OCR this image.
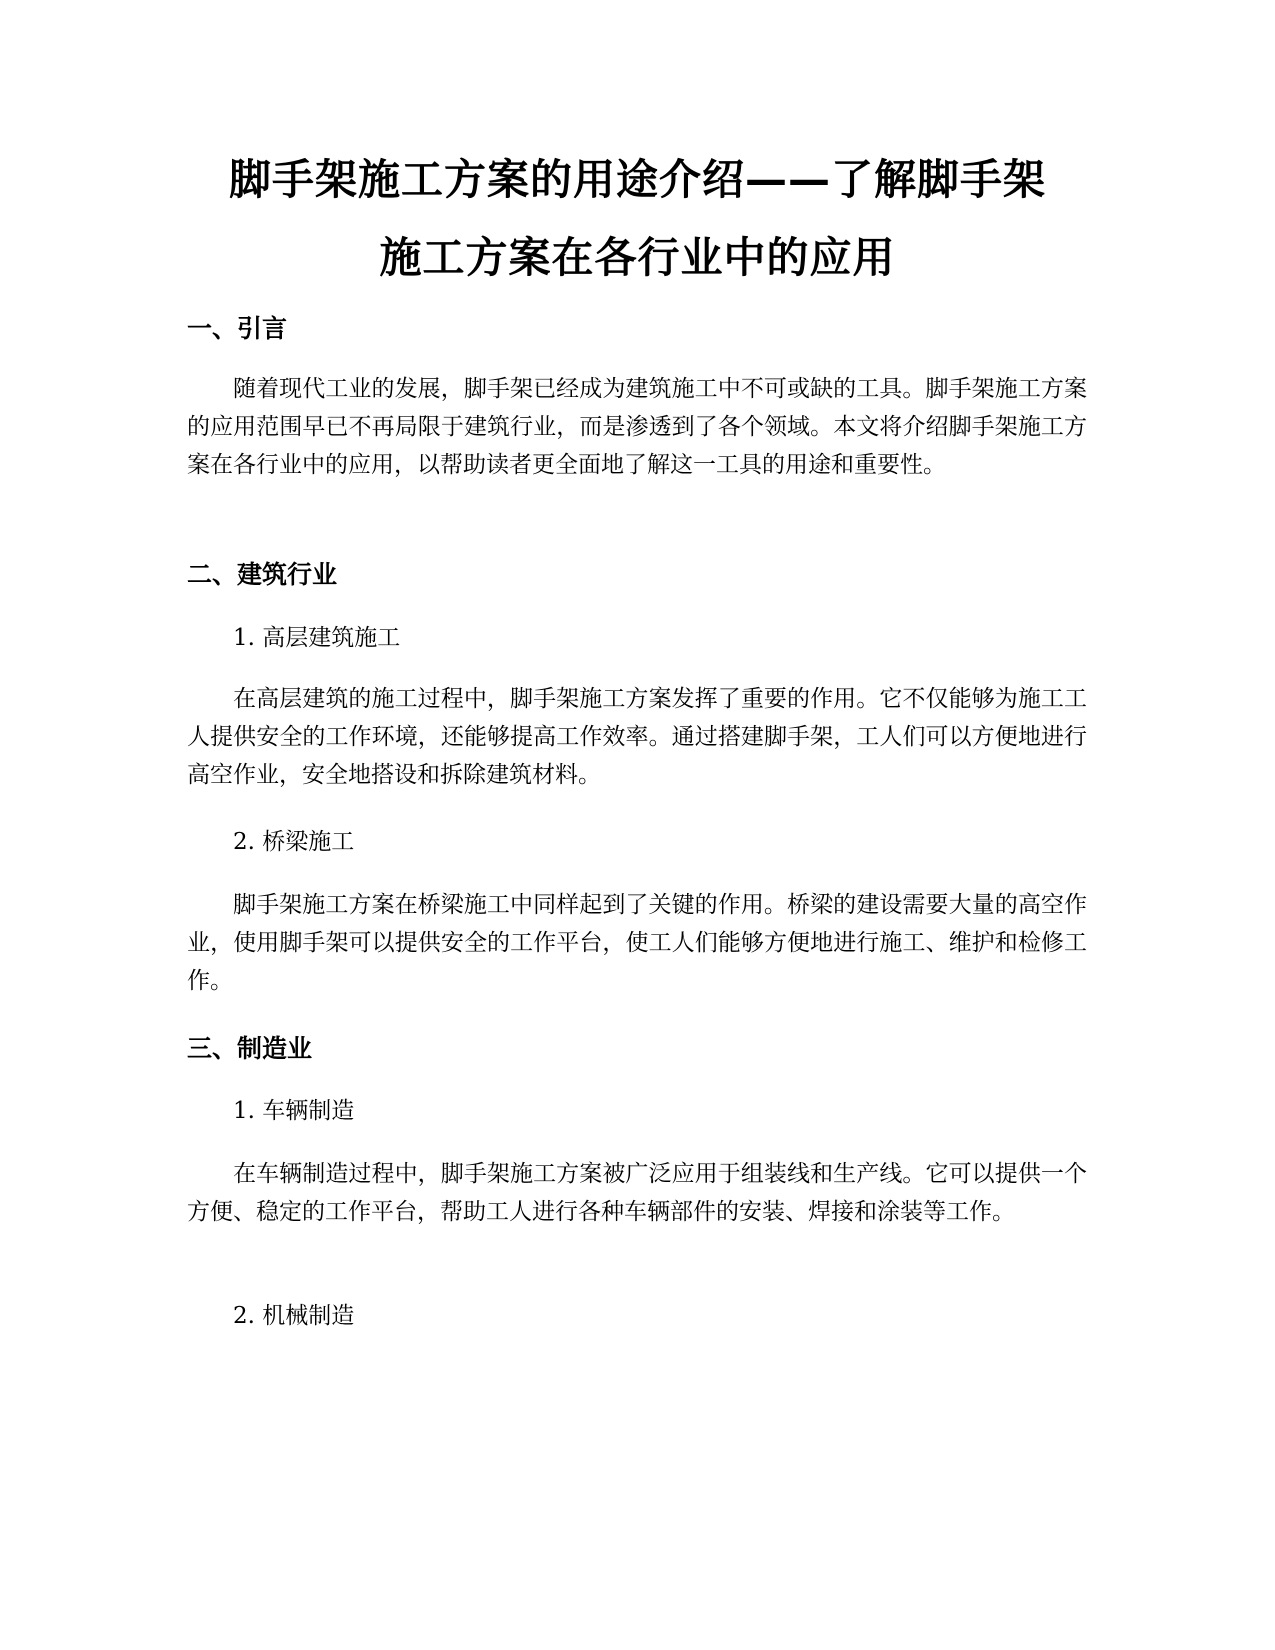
脚手架施工方案的用途介绍——了解脚手架
施工方案在各行业中的应用
一、引言

随着现代工业的发展，脚手架已经成为建筑施工中不可或缺的工具。脚手架施工方案的应用范围早已不再局限于建筑行业，而是渗透到了各个领域。本文将介绍脚手架施工方案在各行业中的应用，以帮助读者更全面地了解这一工具的用途和重要性。

二、建筑行业

1. 高层建筑施工

在高层建筑的施工过程中，脚手架施工方案发挥了重要的作用。它不仅能够为施工工人提供安全的工作环境，还能够提高工作效率。通过搭建脚手架，工人们可以方便地进行高空作业，安全地搭设和拆除建筑材料。

2. 桥梁施工

脚手架施工方案在桥梁施工中同样起到了关键的作用。桥梁的建设需要大量的高空作业，使用脚手架可以提供安全的工作平台，使工人们能够方便地进行施工、维护和检修工作。

三、制造业

1. 车辆制造

在车辆制造过程中，脚手架施工方案被广泛应用于组装线和生产线。它可以提供一个方便、稳定的工作平台，帮助工人进行各种车辆部件的安装、焊接和涂装等工作。

2. 机械制造
